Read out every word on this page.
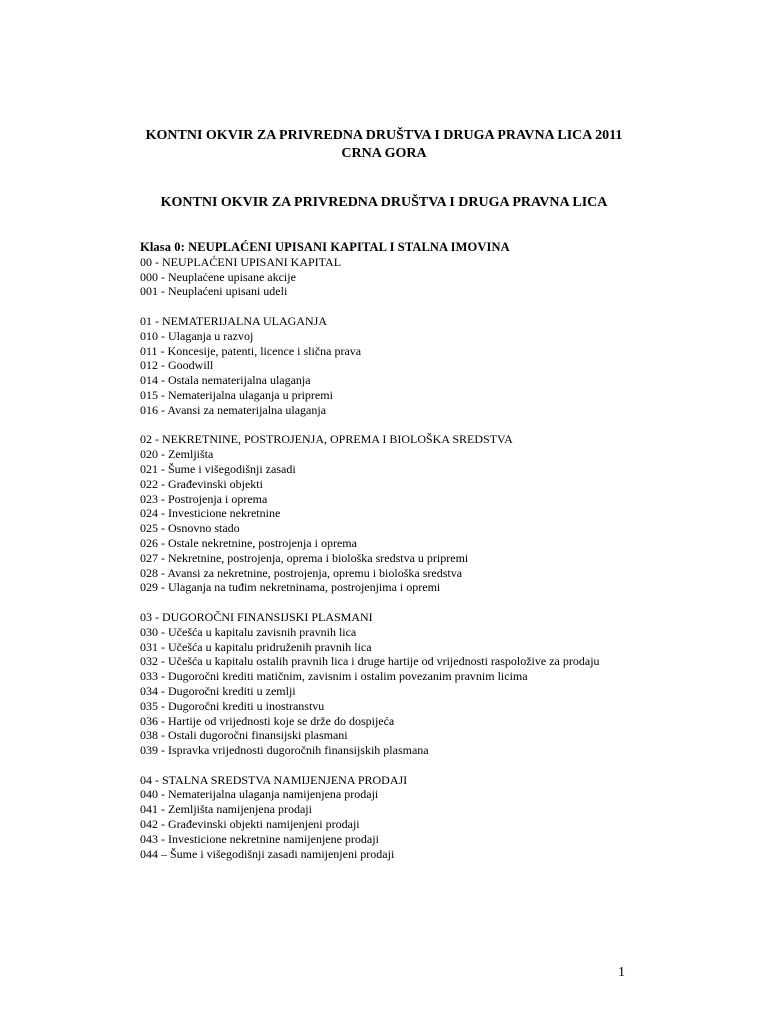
KONTNI OKVIR ZA PRIVREDNA DRUŠTVA I DRUGA PRAVNA LICA 2011 CRNA GORA
KONTNI OKVIR ZA PRIVREDNA DRUŠTVA I DRUGA PRAVNA LICA
Klasa 0: NEUPLAĆENI UPISANI KAPITAL I STALNA IMOVINA
00 - NEUPLAĆENI UPISANI KAPITAL
000 - Neuplaćene upisane akcije
001 - Neuplaćeni upisani udeli
01 - NEMATERIJALNA ULAGANJA
010 - Ulaganja u razvoj
011 - Koncesije, patenti, licence i slična prava
012 - Goodwill
014 - Ostala nematerijalna ulaganja
015 - Nematerijalna ulaganja u pripremi
016 - Avansi za nematerijalna ulaganja
02 - NEKRETNINE, POSTROJENJA, OPREMA I BIOLOŠKA SREDSTVA
020 - Zemljišta
021 - Šume i višegodišnji zasadi
022 - Građevinski objekti
023 - Postrojenja i oprema
024 - Investicione nekretnine
025 - Osnovno stado
026 - Ostale nekretnine, postrojenja i oprema
027 - Nekretnine, postrojenja, oprema i biološka sredstva u pripremi
028 - Avansi za nekretnine, postrojenja, opremu i biološka sredstva
029 - Ulaganja na tuđim nekretninama, postrojenjima i opremi
03 - DUGOROČNI FINANSIJSKI PLASMANI
030 - Učešća u kapitalu zavisnih pravnih lica
031 - Učešća u kapitalu pridruženih pravnih lica
032 - Učešća u kapitalu ostalih pravnih lica i druge hartije od vrijednosti raspoložive za prodaju
033 - Dugoročni krediti matičnim, zavisnim i ostalim povezanim pravnim licima
034 - Dugoročni krediti u zemlji
035 - Dugoročni krediti u inostranstvu
036 - Hartije od vrijednosti koje se drže do dospijeća
038 - Ostali dugoročni finansijski plasmani
039 - Ispravka vrijednosti dugoročnih finansijskih plasmana
04 - STALNA SREDSTVA NAMIJENJENA PRODAJI
040 - Nematerijalna ulaganja namijenjena prodaji
041 - Zemljišta namijenjena prodaji
042 - Građevinski objekti namijenjeni prodaji
043 - Investicione nekretnine namijenjene prodaji
044 – Šume i višegodišnji zasadi namijenjeni prodaji
1
